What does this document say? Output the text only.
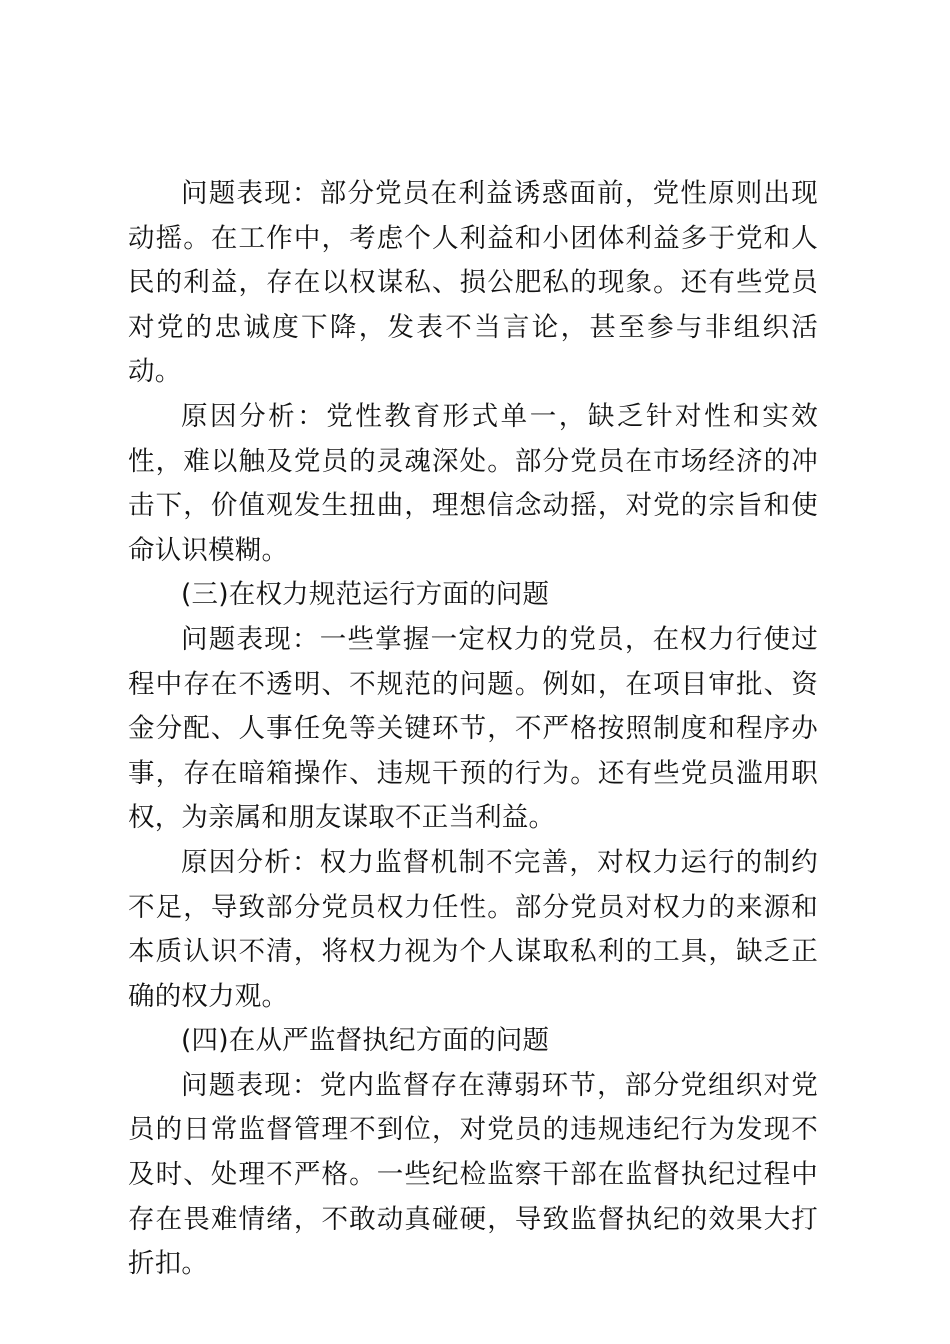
问题表现：部分党员在利益诱惑面前，党性原则出现动摇。在工作中，考虑个人利益和小团体利益多于党和人民的利益，存在以权谋私、损公肥私的现象。还有些党员对党的忠诚度下降，发表不当言论，甚至参与非组织活动。

原因分析：党性教育形式单一，缺乏针对性和实效性，难以触及党员的灵魂深处。部分党员在市场经济的冲击下，价值观发生扭曲，理想信念动摇，对党的宗旨和使命认识模糊。

(三)在权力规范运行方面的问题

问题表现：一些掌握一定权力的党员，在权力行使过程中存在不透明、不规范的问题。例如，在项目审批、资金分配、人事任免等关键环节，不严格按照制度和程序办事，存在暗箱操作、违规干预的行为。还有些党员滥用职权，为亲属和朋友谋取不正当利益。

原因分析：权力监督机制不完善，对权力运行的制约不足，导致部分党员权力任性。部分党员对权力的来源和本质认识不清，将权力视为个人谋取私利的工具，缺乏正确的权力观。

(四)在从严监督执纪方面的问题

问题表现：党内监督存在薄弱环节，部分党组织对党员的日常监督管理不到位，对党员的违规违纪行为发现不及时、处理不严格。一些纪检监察干部在监督执纪过程中存在畏难情绪，不敢动真碰硬，导致监督执纪的效果大打折扣。
